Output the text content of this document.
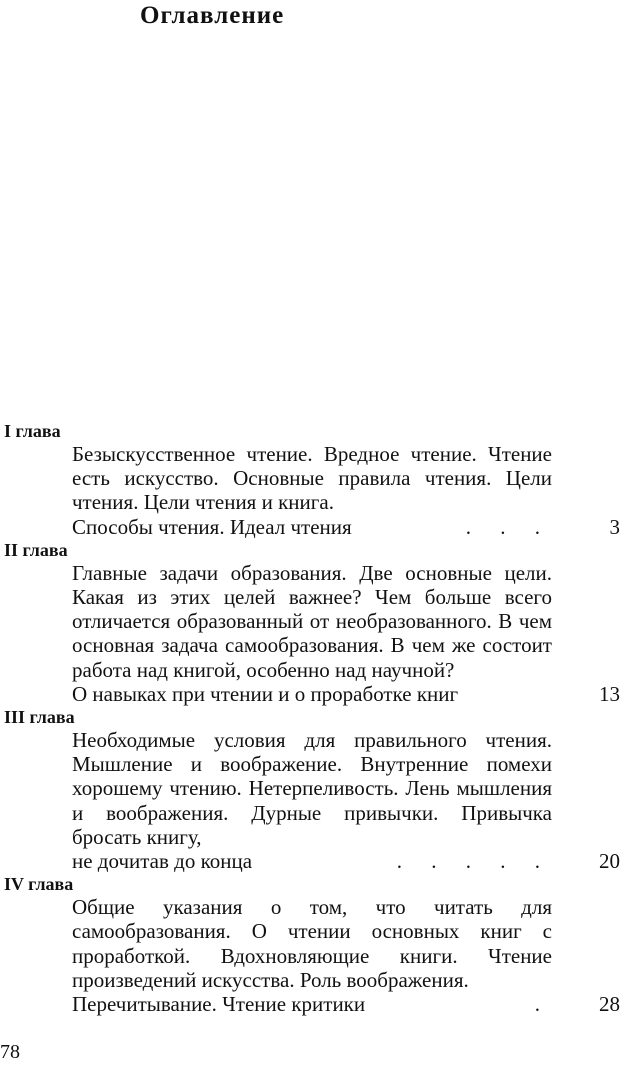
Оглавление
I глава
Безыскусственное чтение. Вредное чтение. Чтение есть искусство. Основные правила чтения. Цели чтения. Цели чтения и книга.
Способы чтения. Идеал чтения	. . .	3
II глава
Главные задачи образования. Две основные цели. Какая из этих целей важнее? Чем больше всего отличается образованный от необразованного. В чем основная задача самообразования. В чем же состоит работа над книгой, особенно над научной?
О навыках при чтении и о проработке книг	13
III глава
Необходимые условия для правильного чтения. Мышление и воображение. Внутренние помехи хорошему чтению. Нетерпеливость. Лень мышления и воображения. Дурные привычки. Привычка бросать книгу,
не дочитав до конца	. . . . .	20
IV глава
Общие указания о том, что читать для самообразования. О чтении основных книг с проработкой. Вдохновляющие книги. Чтение произведений искусства. Роль воображения.
Перечитывание. Чтение критики	.	28
78
